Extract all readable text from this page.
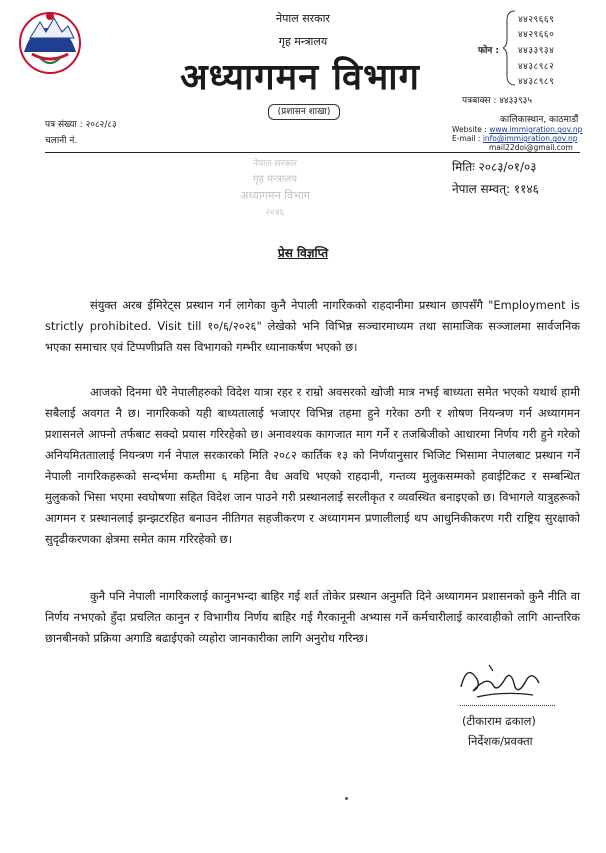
नेपाल सरकार
गृह मन्त्रालय
अध्यागमन विभाग
(प्रशासन शाखा)
पत्र संख्या : २०८२/८३
चलानी नं.
फोन :
४४२९६६९
४४२९६६०
४४३३९३४
४४३८९८२
४४३८९८९
पत्रबाक्स : ४४३३९३५
कालिकास्थान, काठमाडौं
Website : www.immigration.gov.np
E-mail : info@immigration.gov.np
mail22doi@gmail.com
मितिः २०८३/०१/०३
नेपाल सम्वत्: ११४६
नेपाल सरकार
गृह मन्त्रालय
अध्यागमन विभाग
२०४६
प्रेस विज्ञप्ति
संयुक्त अरब ईमिरेट्स प्रस्थान गर्न लागेका कुनै नेपाली नागरिकको राहदानीमा प्रस्थान छापसँगै "Employment is strictly prohibited. Visit till १०/६/२०२६" लेखेको भनि विभिन्न सञ्चारमाध्यम तथा सामाजिक सञ्जालमा सार्वजनिक भएका समाचार एवं टिप्पणीप्रति यस विभागको गम्भीर ध्यानाकर्षण भएको छ।
आजको दिनमा धेरै नेपालीहरुको विदेश यात्रा रहर र राम्रो अवसरको खोजी मात्र नभई बाध्यता समेत भएको यथार्थ हामी सबैलाई अवगत नै छ। नागरिकको यही बाध्यतालाई भजाएर विभिन्न तहमा हुने गरेका ठगी र शोषण नियन्त्रण गर्न अध्यागमन प्रशासनले आफ्नो तर्फबाट सक्दो प्रयास गरिरहेको छ। अनावश्यक कागजात माग गर्ने र तजबिजीको आधारमा निर्णय गरी हुने गरेको अनियमितताालाई नियन्त्रण गर्न नेपाल सरकारको मिति २०८२ कार्तिक १३ को निर्णयानुसार भिजिट भिसामा नेपालबाट प्रस्थान गर्ने नेपाली नागरिकहरूको सन्दर्भमा कम्तीमा ६ महिना वैध अवधि भएको राहदानी, गन्तव्य मुलुकसम्मको हवाईटिकट र सम्बन्धित मुलुकको भिसा भएमा स्वघोषणा सहित विदेश जान पाउने गरी प्रस्थानलाई सरलीकृत र व्यवस्थित बनाइएको छ। विभागले यात्रुहरूको आगमन र प्रस्थानलाई झन्झटरहित बनाउन नीतिगत सहजीकरण र अध्यागमन प्रणालीलाई थप आधुनिकीकरण गरी राष्ट्रिय सुरक्षाको सुदृढीकरणका क्षेत्रमा समेत काम गरिरहेको छ।
कुनै पनि नेपाली नागरिकलाई कानुनभन्दा बाहिर गई शर्त तोकेर प्रस्थान अनुमति दिने अध्यागमन प्रशासनको कुनै नीति वा निर्णय नभएको हुँदा प्रचलित कानुन र विभागीय निर्णय बाहिर गई गैरकानूनी अभ्यास गर्ने कर्मचारीलाई कारवाहीको लागि आन्तरिक छानबीनको प्रक्रिया अगाडि बढाईएको व्यहोरा जानकारीका लागि अनुरोध गरिन्छ।
(टीकाराम ढकाल)
निर्देशक/प्रवक्ता
